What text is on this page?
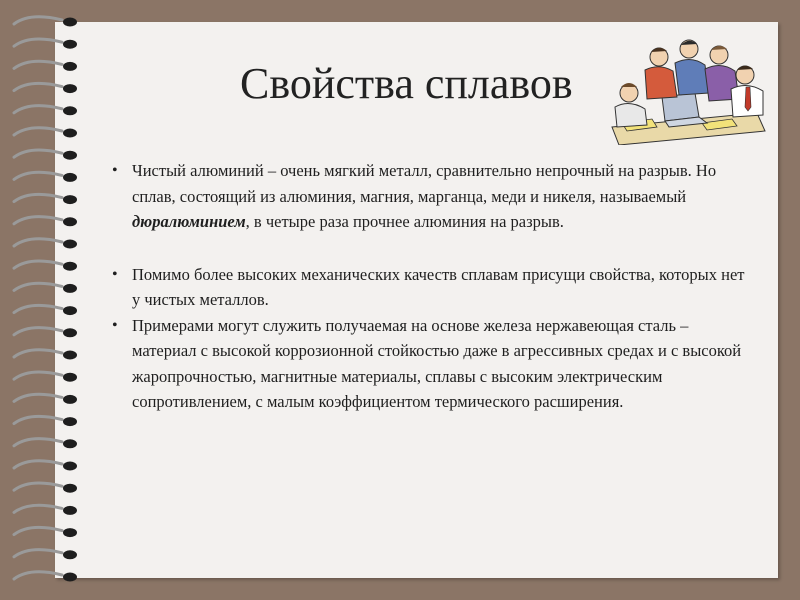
Свойства сплавов
• Чистый алюминий – очень мягкий металл, сравнительно непрочный на разрыв. Но сплав, состоящий из алюминия, магния, марганца, меди и никеля, называемый дюралюминием, в четыре раза прочнее алюминия на разрыв.
• Помимо более высоких механических качеств сплавам присущи свойства, которых нет у чистых металлов.
• Примерами могут служить получаемая на основе железа нержавеющая сталь – материал с высокой коррозионной стойкостью даже в агрессивных средах и с высокой жаропрочностью, магнитные материалы, сплавы с высоким электрическим сопротивлением, с малым коэффициентом термического расширения.
